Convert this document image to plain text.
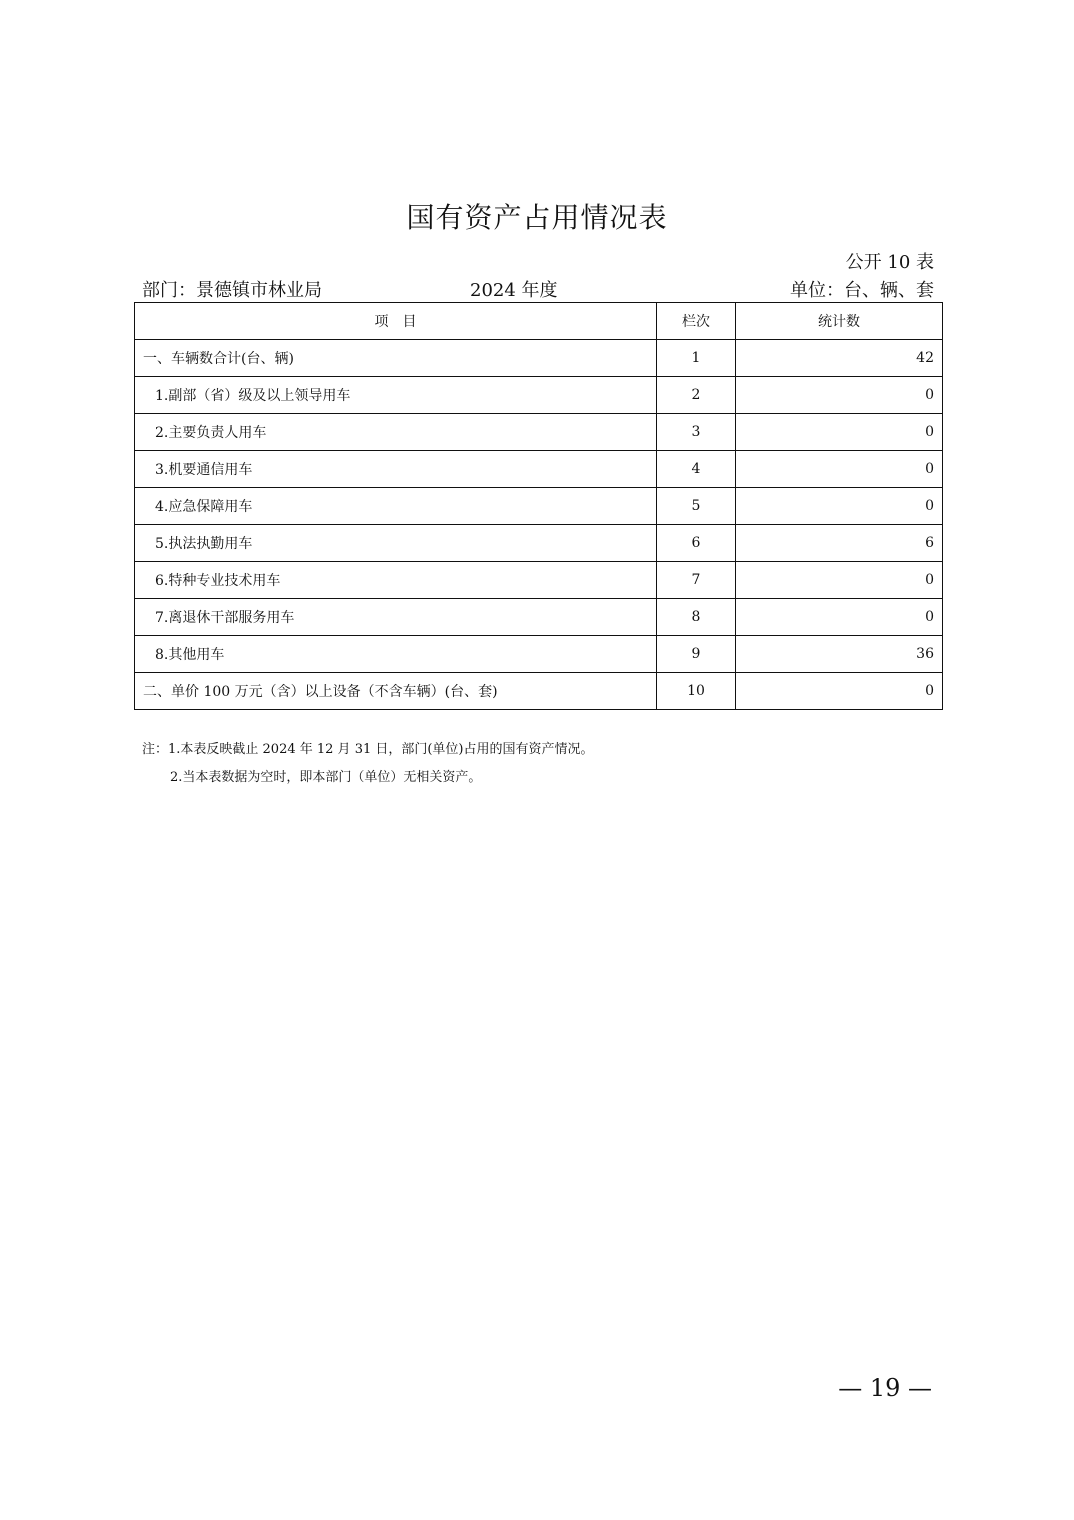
国有资产占用情况表
公开 10 表
部门：景德镇市林业局	2024 年度	单位：台、辆、套
项　目	栏次	统计数
一、车辆数合计(台、辆)	1	42
1.副部（省）级及以上领导用车	2	0
2.主要负责人用车	3	0
3.机要通信用车	4	0
4.应急保障用车	5	0
5.执法执勤用车	6	6
6.特种专业技术用车	7	0
7.离退休干部服务用车	8	0
8.其他用车	9	36
二、单价 100 万元（含）以上设备（不含车辆）(台、套)	10	0
注：1.本表反映截止 2024 年 12 月 31 日，部门(单位)占用的国有资产情况。
2.当本表数据为空时，即本部门（单位）无相关资产。
— 19 —
